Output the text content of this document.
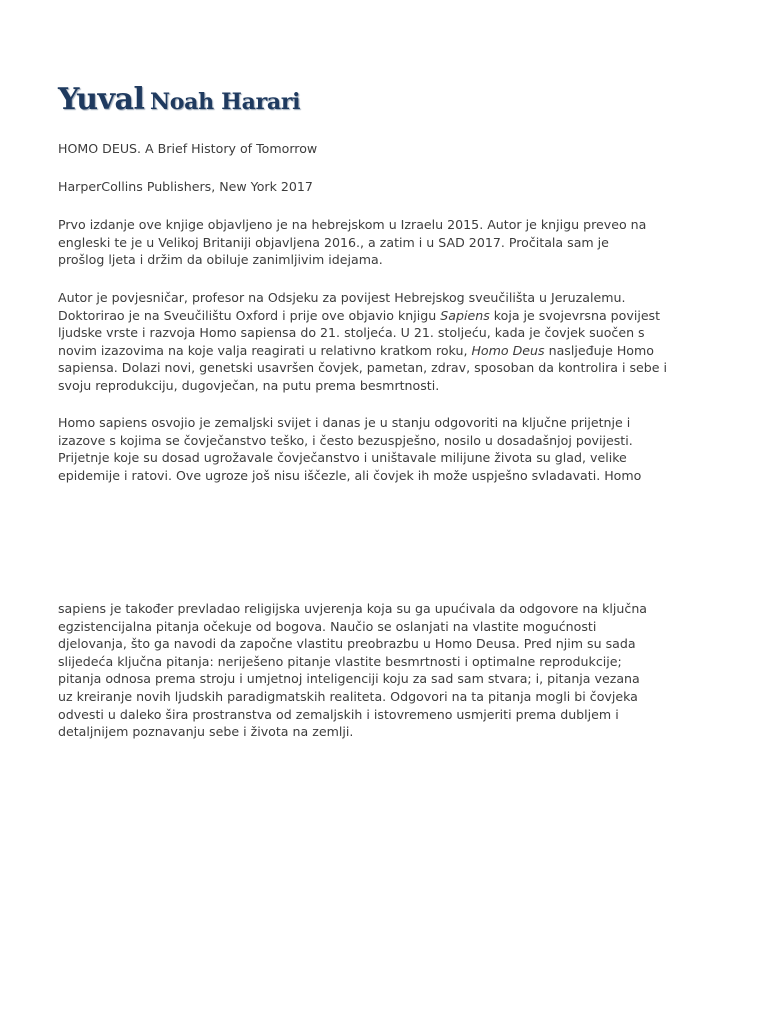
Yuval Noah Harari

HOMO DEUS. A Brief History of Tomorrow

HarperCollins Publishers, New York 2017

Prvo izdanje ove knjige objavljeno je na hebrejskom u Izraelu 2015. Autor je knjigu preveo na

engleski te je u Velikoj Britaniji objavljena 2016., a zatim i u SAD 2017. Pročitala sam je

prošlog ljeta i držim da obiluje zanimljivim idejama.

Autor je povjesničar, profesor na Odsjeku za povijest Hebrejskog sveučilišta u Jeruzalemu.

Doktorirao je na Sveučilištu Oxford i prije ove objavio knjigu Sapiens koja je svojevrsna povijest

ljudske vrste i razvoja Homo sapiensa do 21. stoljeća. U 21. stoljeću, kada je čovjek suočen s

novim izazovima na koje valja reagirati u relativno kratkom roku, Homo Deus nasljeđuje Homo

sapiensa. Dolazi novi, genetski usavršen čovjek, pametan, zdrav, sposoban da kontrolira i sebe i

svoju reprodukciju, dugovječan, na putu prema besmrtnosti.

Homo sapiens osvojio je zemaljski svijet i danas je u stanju odgovoriti na ključne prijetnje i

izazove s kojima se čovječanstvo teško, i često bezuspješno, nosilo u dosadašnjoj povijesti.

Prijetnje koje su dosad ugrožavale čovječanstvo i uništavale milijune života su glad, velike

epidemije i ratovi. Ove ugroze još nisu iščezle, ali čovjek ih može uspješno svladavati. Homo

sapiens je također prevladao religijska uvjerenja koja su ga upućivala da odgovore na ključna

egzistencijalna pitanja očekuje od bogova. Naučio se oslanjati na vlastite mogućnosti

djelovanja, što ga navodi da započne vlastitu preobrazbu u Homo Deusa. Pred njim su sada

slijedeća ključna pitanja: neriješeno pitanje vlastite besmrtnosti i optimalne reprodukcije;

pitanja odnosa prema stroju i umjetnoj inteligenciji koju za sad sam stvara; i, pitanja vezana

uz kreiranje novih ljudskih paradigmatskih realiteta. Odgovori na ta pitanja mogli bi čovjeka

odvesti u daleko šira prostranstva od zemaljskih i istovremeno usmjeriti prema dubljem i

detaljnijem poznavanju sebe i života na zemlji.
